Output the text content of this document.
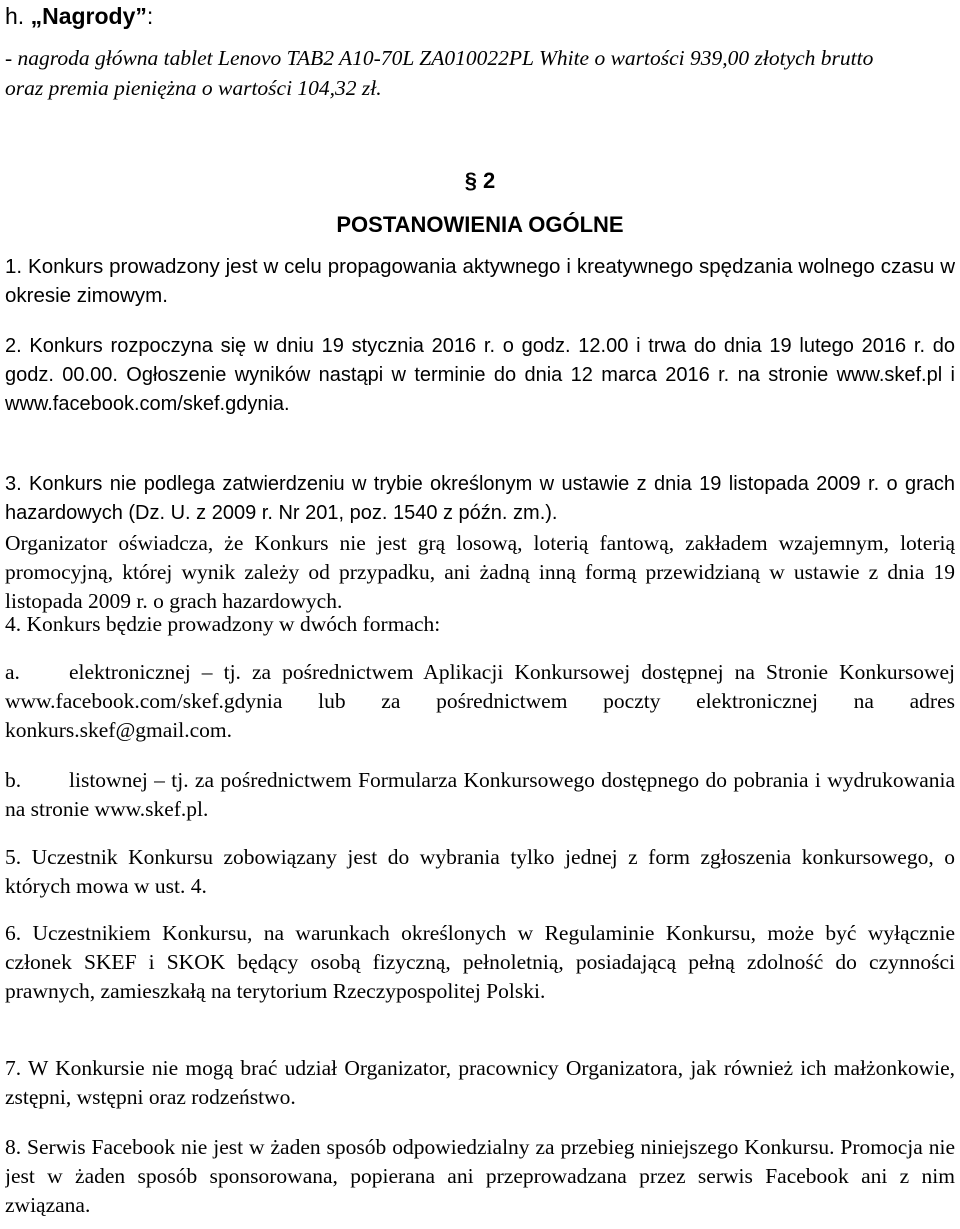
h. „Nagrody”:
- nagroda główna tablet Lenovo TAB2 A10-70L ZA010022PL White o wartości 939,00 złotych brutto
oraz premia pieniężna o wartości 104,32 zł.
§ 2
POSTANOWIENIA OGÓLNE

1. Konkurs prowadzony jest w celu propagowania aktywnego i kreatywnego spędzania wolnego czasu w okresie zimowym.

2. Konkurs rozpoczyna się w dniu 19 stycznia 2016 r. o godz. 12.00 i trwa do dnia 19 lutego 2016 r. do godz. 00.00. Ogłoszenie wyników nastąpi w terminie do dnia 12 marca 2016 r. na stronie www.skef.pl i www.facebook.com/skef.gdynia.

3. Konkurs nie podlega zatwierdzeniu w trybie określonym w ustawie z dnia 19 listopada 2009 r. o grach hazardowych (Dz. U. z 2009 r. Nr 201, poz. 1540 z późn. zm.).

Organizator oświadcza, że Konkurs nie jest grą losową, loterią fantową, zakładem wzajemnym, loterią promocyjną, której wynik zależy od przypadku, ani żadną inną formą przewidzianą w ustawie z dnia 19 listopada 2009 r. o grach hazardowych.

4. Konkurs będzie prowadzony w dwóch formach:

a. elektronicznej – tj. za pośrednictwem Aplikacji Konkursowej dostępnej na Stronie Konkursowej www.facebook.com/skef.gdynia lub za pośrednictwem poczty elektronicznej na adres konkurs.skef@gmail.com.

b. listownej – tj. za pośrednictwem Formularza Konkursowego dostępnego do pobrania i wydrukowania na stronie www.skef.pl.

5. Uczestnik Konkursu zobowiązany jest do wybrania tylko jednej z form zgłoszenia konkursowego, o których mowa w ust. 4.

6. Uczestnikiem Konkursu, na warunkach określonych w Regulaminie Konkursu, może być wyłącznie członek SKEF i SKOK będący osobą fizyczną, pełnoletnią, posiadającą pełną zdolność do czynności prawnych, zamieszkałą na terytorium Rzeczypospolitej Polski.

7. W Konkursie nie mogą brać udział Organizator, pracownicy Organizatora, jak również ich małżonkowie, zstępni, wstępni oraz rodzeństwo.

8. Serwis Facebook nie jest w żaden sposób odpowiedzialny za przebieg niniejszego Konkursu. Promocja nie jest w żaden sposób sponsorowana, popierana ani przeprowadzana przez serwis Facebook ani z nim związana.
